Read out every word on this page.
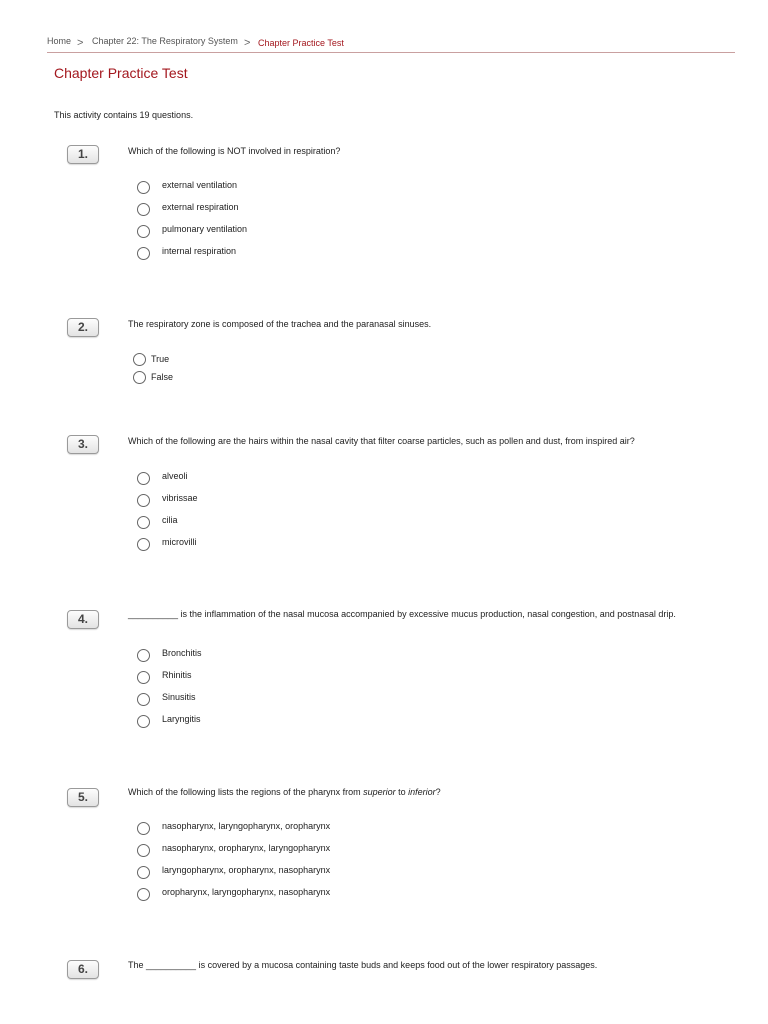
Home > Chapter 22: The Respiratory System > Chapter Practice Test
Chapter Practice Test
This activity contains 19 questions.
1.	Which of the following is NOT involved in respiration?
external ventilation
external respiration
pulmonary ventilation
internal respiration
2.	The respiratory zone is composed of the trachea and the paranasal sinuses.
True
False
3.	Which of the following are the hairs within the nasal cavity that filter coarse particles, such as pollen and dust, from inspired air?
alveoli
vibrissae
cilia
microvilli
4.	__________ is the inflammation of the nasal mucosa accompanied by excessive mucus production, nasal congestion, and postnasal drip.
Bronchitis
Rhinitis
Sinusitis
Laryngitis
5.	Which of the following lists the regions of the pharynx from superior to inferior?
nasopharynx, laryngopharynx, oropharynx
nasopharynx, oropharynx, laryngopharynx
laryngopharynx, oropharynx, nasopharynx
oropharynx, laryngopharynx, nasopharynx
6.	The __________ is covered by a mucosa containing taste buds and keeps food out of the lower respiratory passages.
